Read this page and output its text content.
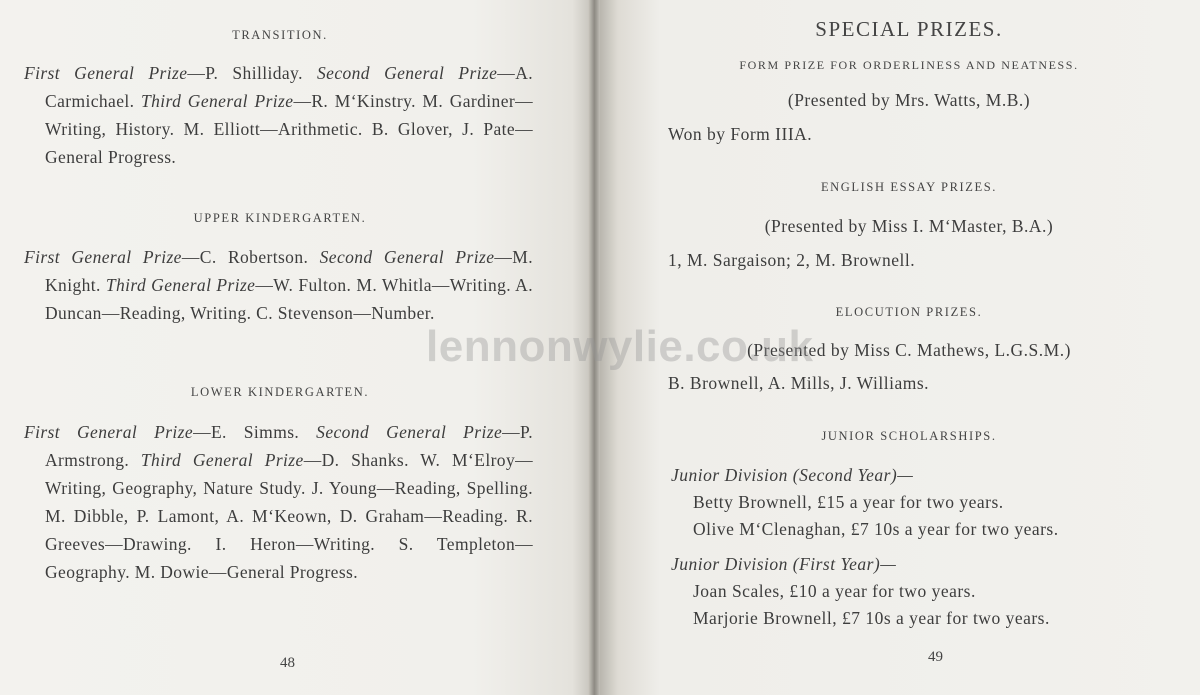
TRANSITION.
First General Prize—P. Shilliday. Second General Prize—A. Carmichael. Third General Prize—R. M‘Kinstry. M. Gardiner—Writing, History. M. Elliott—Arithmetic. B. Glover, J. Pate—General Progress.
UPPER KINDERGARTEN.
First General Prize—C. Robertson. Second General Prize—M. Knight. Third General Prize—W. Fulton. M. Whitla—Writing. A. Duncan—Reading, Writing. C. Stevenson—Number.
LOWER KINDERGARTEN.
First General Prize—E. Simms. Second General Prize—P. Armstrong. Third General Prize—D. Shanks. W. M‘Elroy—Writing, Geography, Nature Study. J. Young—Reading, Spelling. M. Dibble, P. Lamont, A. M‘Keown, D. Graham—Reading. R. Greeves—Drawing. I. Heron—Writing. S. Templeton—Geography. M. Dowie—General Progress.
48
SPECIAL PRIZES.
FORM PRIZE FOR ORDERLINESS AND NEATNESS.
(Presented by Mrs. Watts, M.B.)
Won by Form IIIA.
ENGLISH ESSAY PRIZES.
(Presented by Miss I. M‘Master, B.A.)
1, M. Sargaison; 2, M. Brownell.
ELOCUTION PRIZES.
(Presented by Miss C. Mathews, L.G.S.M.)
B. Brownell, A. Mills, J. Williams.
JUNIOR SCHOLARSHIPS.
Junior Division (Second Year)—
Betty Brownell, £15 a year for two years.
Olive M‘Clenaghan, £7 10s a year for two years.
Junior Division (First Year)—
Joan Scales, £10 a year for two years.
Marjorie Brownell, £7 10s a year for two years.
49
lennonwylie.co.uk
